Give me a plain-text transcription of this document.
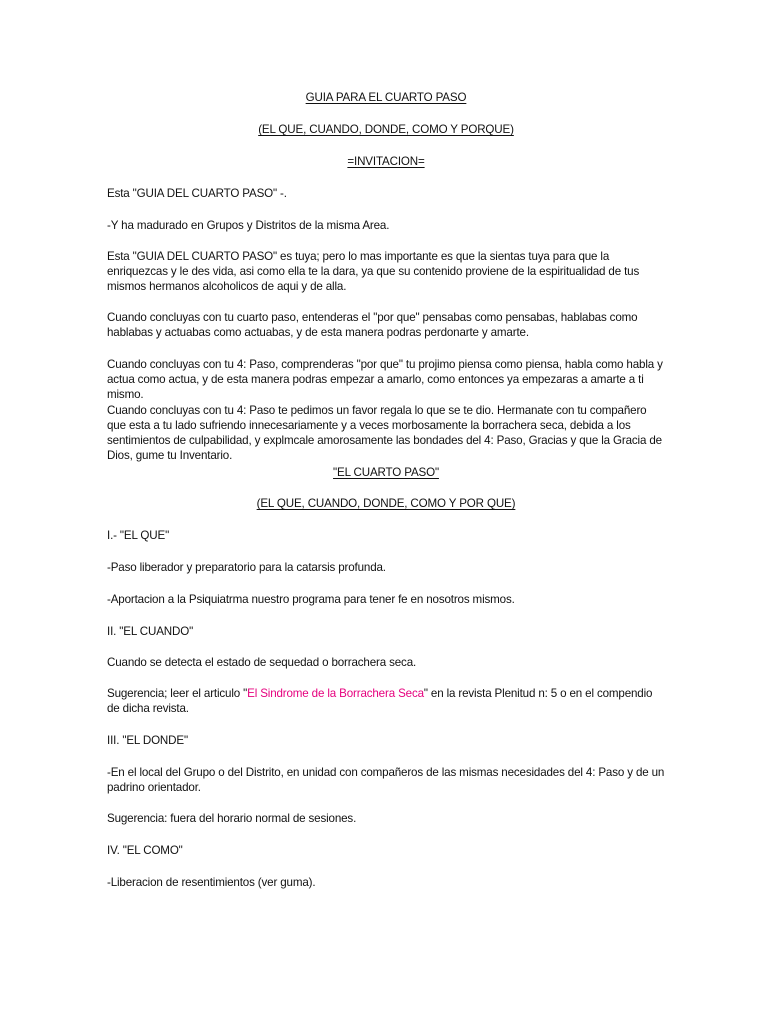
GUIA PARA EL CUARTO PASO

(EL QUE, CUANDO, DONDE, COMO Y PORQUE)

=INVITACION=

Esta "GUIA DEL CUARTO PASO" -.

-Y ha madurado en Grupos y Distritos de la misma Area.

Esta "GUIA DEL CUARTO PASO" es tuya; pero lo mas importante es que la sientas tuya para que la enriquezcas y le des vida, asi como ella te la dara, ya que su contenido proviene de la espiritualidad de tus mismos hermanos alcoholicos de aqui y de alla.

Cuando concluyas con tu cuarto paso, entenderas el "por que" pensabas como pensabas, hablabas como hablabas y actuabas como actuabas, y de esta manera podras perdonarte y amarte.

Cuando concluyas con tu 4: Paso, comprenderas "por que" tu projimo piensa como piensa, habla como habla y actua como actua, y de esta manera podras empezar a amarlo, como entonces ya empezaras a amarte a ti mismo.

Cuando concluyas con tu 4: Paso te pedimos un favor regala lo que se te dio. Hermanate con tu compañero que esta a tu lado sufriendo innecesariamente y a veces morbosamente la borrachera seca, debida a los sentimientos de culpabilidad, y explmcale amorosamente las bondades del 4: Paso, Gracias y que la Gracia de Dios, gume tu Inventario.

"EL CUARTO PASO"

(EL QUE, CUANDO, DONDE, COMO Y POR QUE)

I.- "EL QUE"

-Paso liberador y preparatorio para la catarsis profunda.

-Aportacion a la Psiquiatrma nuestro programa para tener fe en nosotros mismos.

II. "EL CUANDO"

Cuando se detecta el estado de sequedad o borrachera seca.

Sugerencia; leer el articulo "El Sindrome de la Borrachera Seca" en la revista Plenitud n: 5 o en el compendio de dicha revista.

III. "EL DONDE"

-En el local del Grupo o del Distrito, en unidad con compañeros de las mismas necesidades del 4: Paso y de un padrino orientador.

Sugerencia: fuera del horario normal de sesiones.

IV. "EL COMO"

-Liberacion de resentimientos (ver guma).
